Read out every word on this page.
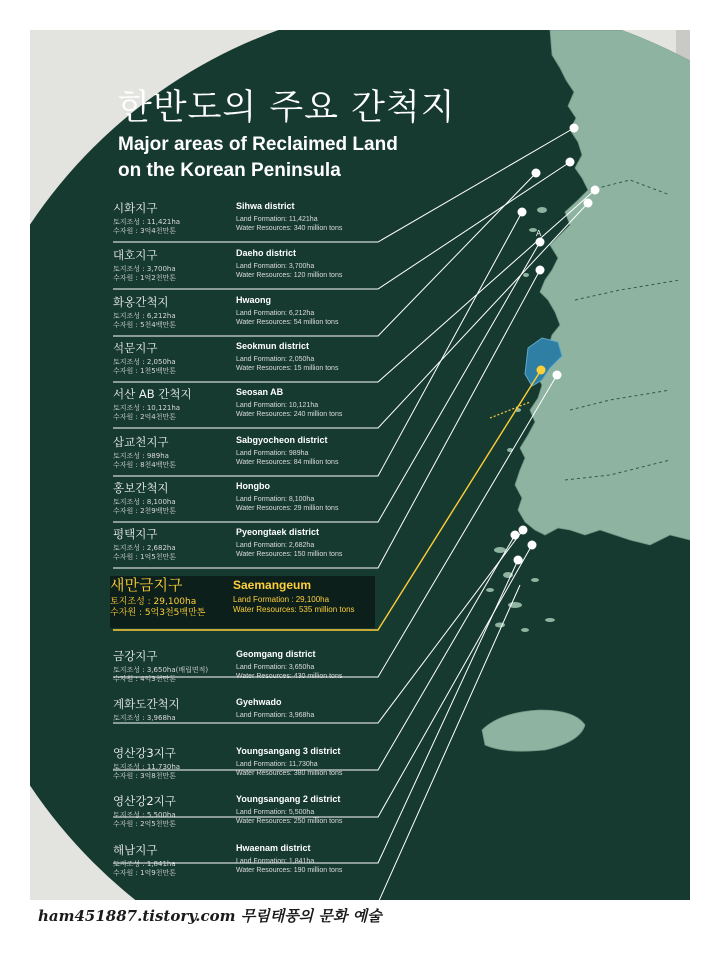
A
한반도의 주요 간척지
Major areas of Reclaimed Land
on the Korean Peninsula
시화지구
토지조성 : 11,421ha
수자원 : 3억4천만톤
Sihwa district
Land Formation: 11,421ha
Water Resources: 340 million tons
대호지구
토지조성 : 3,700ha
수자원 : 1억2천만톤
Daeho district
Land Formation: 3,700ha
Water Resources: 120 million tons
화옹간척지
토지조성 : 6,212ha
수자원 : 5천4백만톤
Hwaong
Land Formation: 6,212ha
Water Resources: 54 million tons
석문지구
토지조성 : 2,050ha
수자원 : 1천5백만톤
Seokmun district
Land Formation: 2,050ha
Water Resources: 15 million tons
서산 AB 간척지
토지조성 : 10,121ha
수자원 : 2억4천만톤
Seosan AB
Land Formation: 10,121ha
Water Resources: 240 million tons
삽교천지구
토지조성 : 989ha
수자원 : 8천4백만톤
Sabgyocheon district
Land Formation: 989ha
Water Resources: 84 million tons
홍보간척지
토지조성 : 8,100ha
수자원 : 2천9백만톤
Hongbo
Land Formation: 8,100ha
Water Resources: 29 million tons
평택지구
토지조성 : 2,682ha
수자원 : 1억5천만톤
Pyeongtaek district
Land Formation: 2,682ha
Water Resources: 150 million tons
새만금지구
토지조성 : 29,100ha
수자원 : 5억3천5백만톤
Saemangeum
Land Formation : 29,100ha
Water Resources: 535 million tons
금강지구
토지조성 : 3,650ha(배립면적)
수자원 : 4억3천만톤
Geomgang district
Land Formation: 3,650ha
Water Resources: 430 million tons
계화도간척지
토지조성 : 3,968ha
Gyehwado
Land Formation: 3,968ha
영산강3지구
토지조성 : 11,730ha
수자원 : 3억8천만톤
Youngsangang 3 district
Land Formation: 11,730ha
Water Resources: 380 million tons
영산강2지구
토지조성 : 5,500ha
수자원 : 2억5천만톤
Youngsangang 2 district
Land Formation: 5,500ha
Water Resources: 250 million tons
해남지구
토지조성 : 1,841ha
수자원 : 1억9천만톤
Hwaenam district
Land Formation: 1,841ha
Water Resources: 190 million tons
ham451887.tistory.com 무림태풍의 문화 예술
